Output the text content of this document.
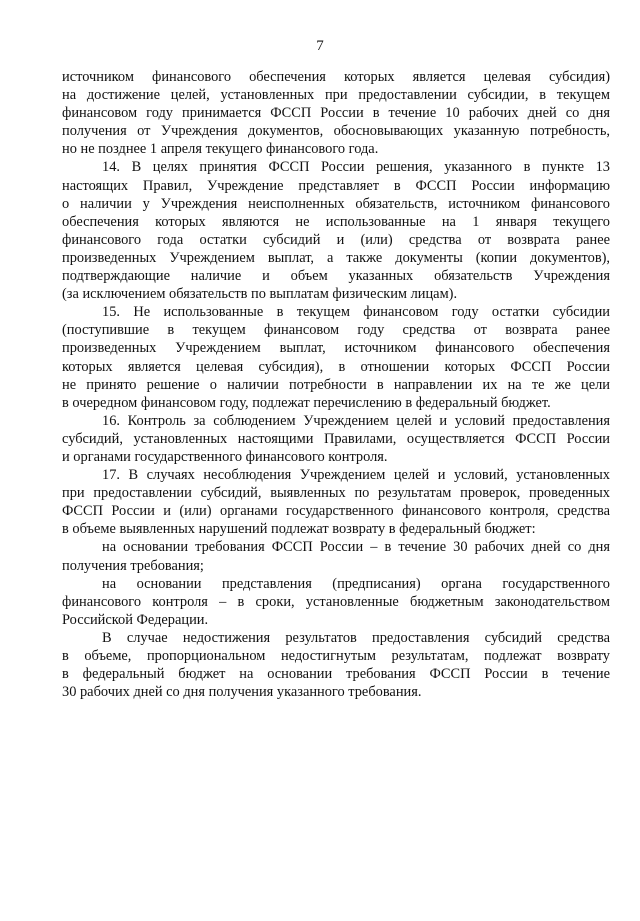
7
источником финансового обеспечения которых является целевая субсидия)
на достижение целей, установленных при предоставлении субсидии, в текущем
финансовом году принимается ФССП России в течение 10 рабочих дней со дня
получения от Учреждения документов, обосновывающих указанную потребность,
но не позднее 1 апреля текущего финансового года.
14. В целях принятия ФССП России решения, указанного в пункте 13
настоящих Правил, Учреждение представляет в ФССП России информацию
о наличии у Учреждения неисполненных обязательств, источником финансового
обеспечения которых являются не использованные на 1 января текущего
финансового года остатки субсидий и (или) средства от возврата ранее
произведенных Учреждением выплат, а также документы (копии документов),
подтверждающие наличие и объем указанных обязательств Учреждения
(за исключением обязательств по выплатам физическим лицам).
15. Не использованные в текущем финансовом году остатки субсидии
(поступившие в текущем финансовом году средства от возврата ранее
произведенных Учреждением выплат, источником финансового обеспечения
которых является целевая субсидия), в отношении которых ФССП России
не принято решение о наличии потребности в направлении их на те же цели
в очередном финансовом году, подлежат перечислению в федеральный бюджет.
16. Контроль за соблюдением Учреждением целей и условий предоставления
субсидий, установленных настоящими Правилами, осуществляется ФССП России
и органами государственного финансового контроля.
17. В случаях несоблюдения Учреждением целей и условий, установленных
при предоставлении субсидий, выявленных по результатам проверок, проведенных
ФССП России и (или) органами государственного финансового контроля, средства
в объеме выявленных нарушений подлежат возврату в федеральный бюджет:
на основании требования ФССП России – в течение 30 рабочих дней со дня
получения требования;
на основании представления (предписания) органа государственного
финансового контроля – в сроки, установленные бюджетным законодательством
Российской Федерации.
В случае недостижения результатов предоставления субсидий средства
в объеме, пропорциональном недостигнутым результатам, подлежат возврату
в федеральный бюджет на основании требования ФССП России в течение
30 рабочих дней со дня получения указанного требования.
